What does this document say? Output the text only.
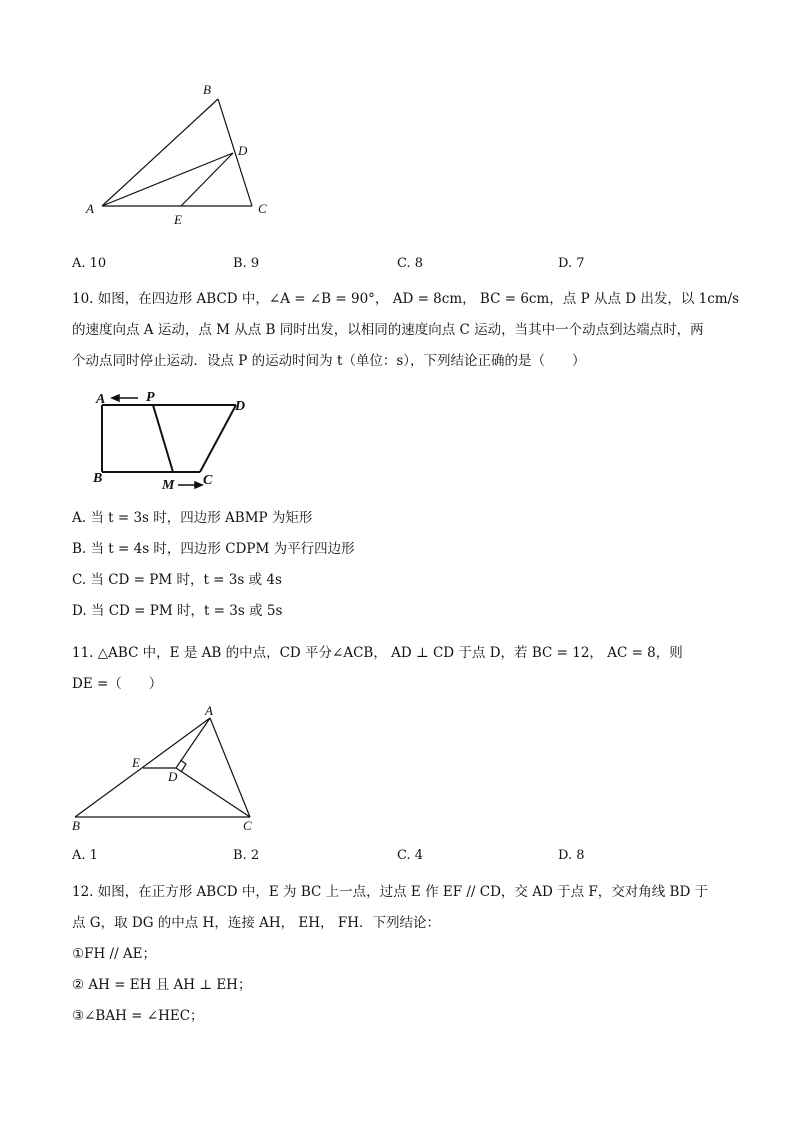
B
D
A	C
E
A. 10	B. 9	C. 8	D. 7
10. 如图，在四边形 ABCD 中，∠A = ∠B = 90°， AD = 8cm， BC = 6cm，点 P 从点 D 出发，以 1cm/s
的速度向点 A 运动，点 M 从点 B 同时出发，以相同的速度向点 C 运动，当其中一个动点到达端点时，两
个动点同时停止运动．设点 P 的运动时间为 t（单位：s），下列结论正确的是（　　）
A	P
D
B	M C
A. 当 t = 3s 时，四边形 ABMP 为矩形
B. 当 t = 4s 时，四边形 CDPM 为平行四边形
C. 当 CD = PM 时，t = 3s 或 4s
D. 当 CD = PM 时，t = 3s 或 5s
11. △ABC 中，E 是 AB 的中点，CD 平分∠ACB， AD ⊥ CD 于点 D，若 BC = 12， AC = 8，则
DE =（　　）
A
E
D
B	C
A. 1	B. 2	C. 4	D. 8
12. 如图，在正方形 ABCD 中，E 为 BC 上一点，过点 E 作 EF // CD，交 AD 于点 F，交对角线 BD 于
点 G，取 DG 的中点 H，连接 AH， EH， FH．下列结论：
①FH // AE；
② AH = EH 且 AH ⊥ EH；
③∠BAH = ∠HEC；
